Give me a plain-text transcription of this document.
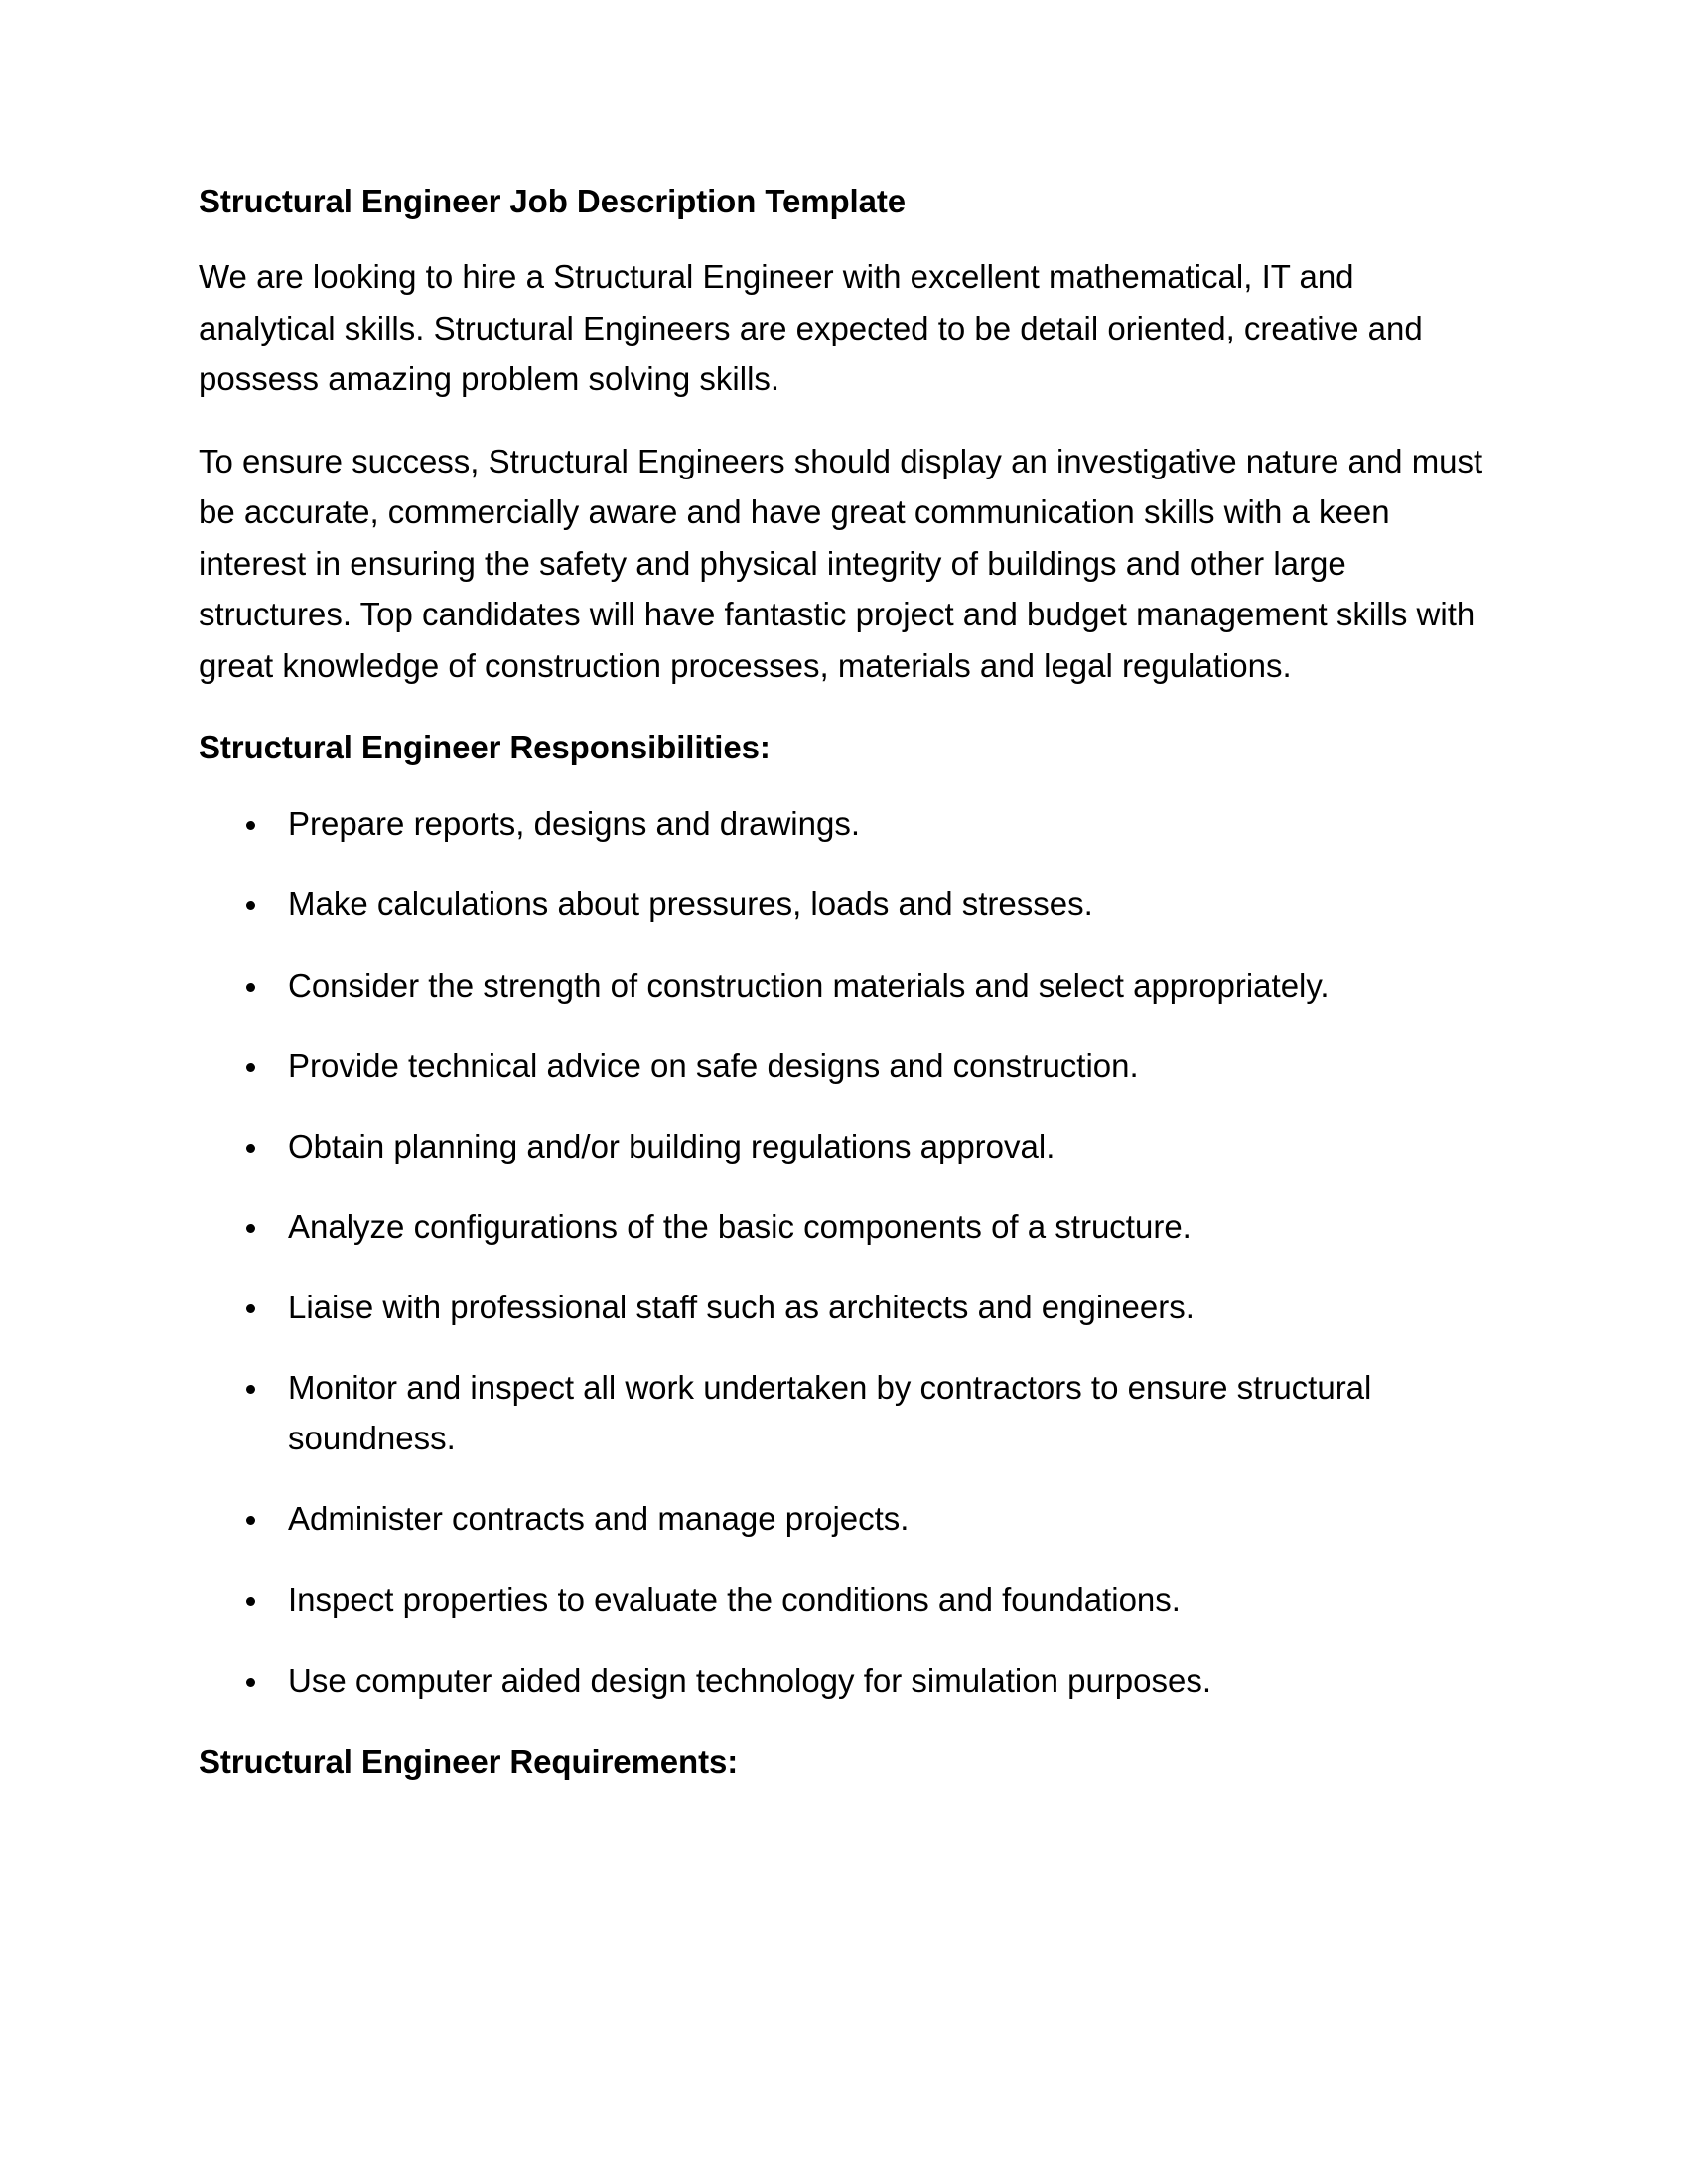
Structural Engineer Job Description Template

We are looking to hire a Structural Engineer with excellent mathematical, IT and analytical skills. Structural Engineers are expected to be detail oriented, creative and possess amazing problem solving skills.

To ensure success, Structural Engineers should display an investigative nature and must be accurate, commercially aware and have great communication skills with a keen interest in ensuring the safety and physical integrity of buildings and other large structures. Top candidates will have fantastic project and budget management skills with great knowledge of construction processes, materials and legal regulations.

Structural Engineer Responsibilities:
Prepare reports, designs and drawings.
Make calculations about pressures, loads and stresses.
Consider the strength of construction materials and select appropriately.
Provide technical advice on safe designs and construction.
Obtain planning and/or building regulations approval.
Analyze configurations of the basic components of a structure.
Liaise with professional staff such as architects and engineers.
Monitor and inspect all work undertaken by contractors to ensure structural soundness.
Administer contracts and manage projects.
Inspect properties to evaluate the conditions and foundations.
Use computer aided design technology for simulation purposes.
Structural Engineer Requirements:
